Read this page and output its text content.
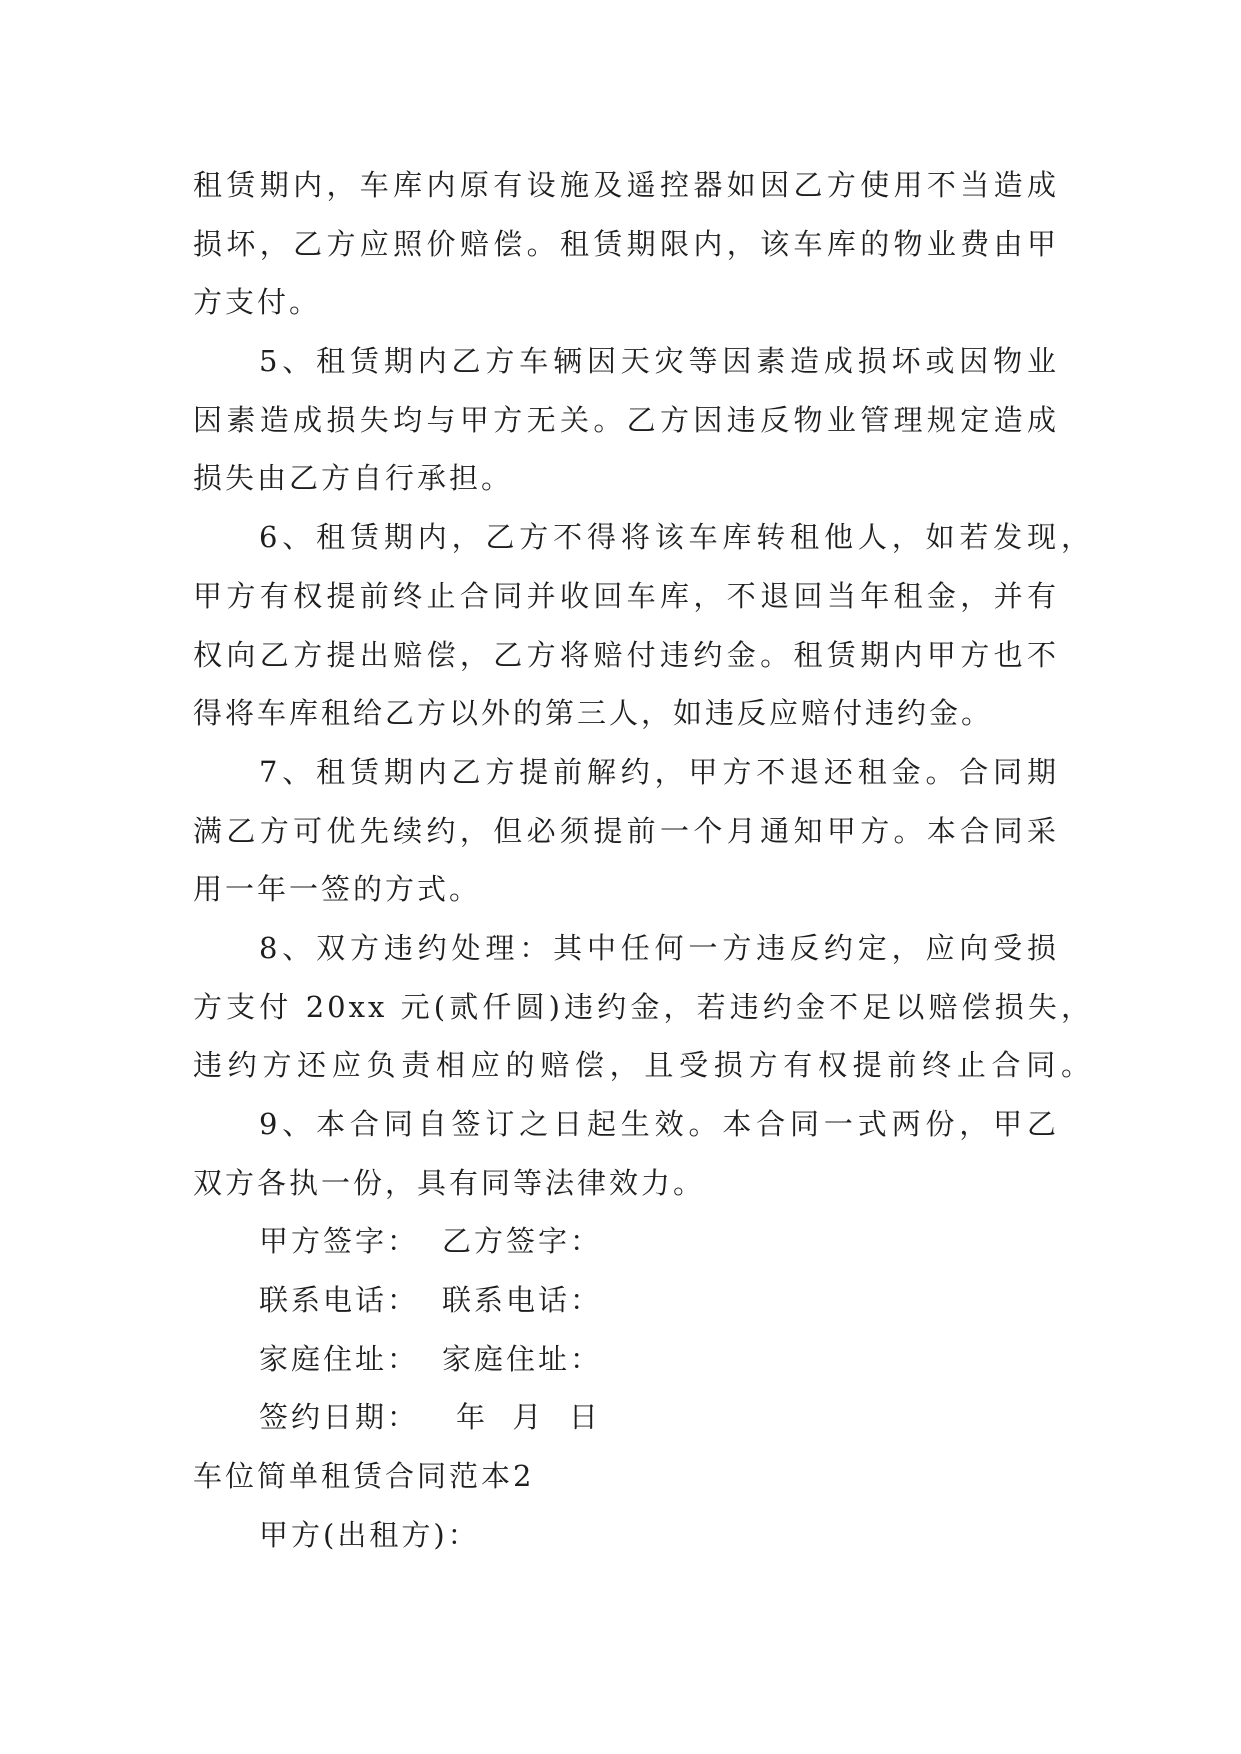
租赁期内，车库内原有设施及遥控器如因乙方使用不当造成
损坏，乙方应照价赔偿。租赁期限内，该车库的物业费由甲
方支付。
5、租赁期内乙方车辆因天灾等因素造成损坏或因物业
因素造成损失均与甲方无关。乙方因违反物业管理规定造成
损失由乙方自行承担。
6、租赁期内，乙方不得将该车库转租他人，如若发现，
甲方有权提前终止合同并收回车库，不退回当年租金，并有
权向乙方提出赔偿，乙方将赔付违约金。租赁期内甲方也不
得将车库租给乙方以外的第三人，如违反应赔付违约金。
7、租赁期内乙方提前解约，甲方不退还租金。合同期
满乙方可优先续约，但必须提前一个月通知甲方。本合同采
用一年一签的方式。
8、双方违约处理：其中任何一方违反约定，应向受损
方支付 20xx 元(贰仟圆)违约金，若违约金不足以赔偿损失，
违约方还应负责相应的赔偿，且受损方有权提前终止合同。
9、本合同自签订之日起生效。本合同一式两份，甲乙
双方各执一份，具有同等法律效力。
甲方签字： 乙方签字：
联系电话： 联系电话：
家庭住址： 家庭住址：
签约日期： 年  月  日
车位简单租赁合同范本2
甲方(出租方)：
